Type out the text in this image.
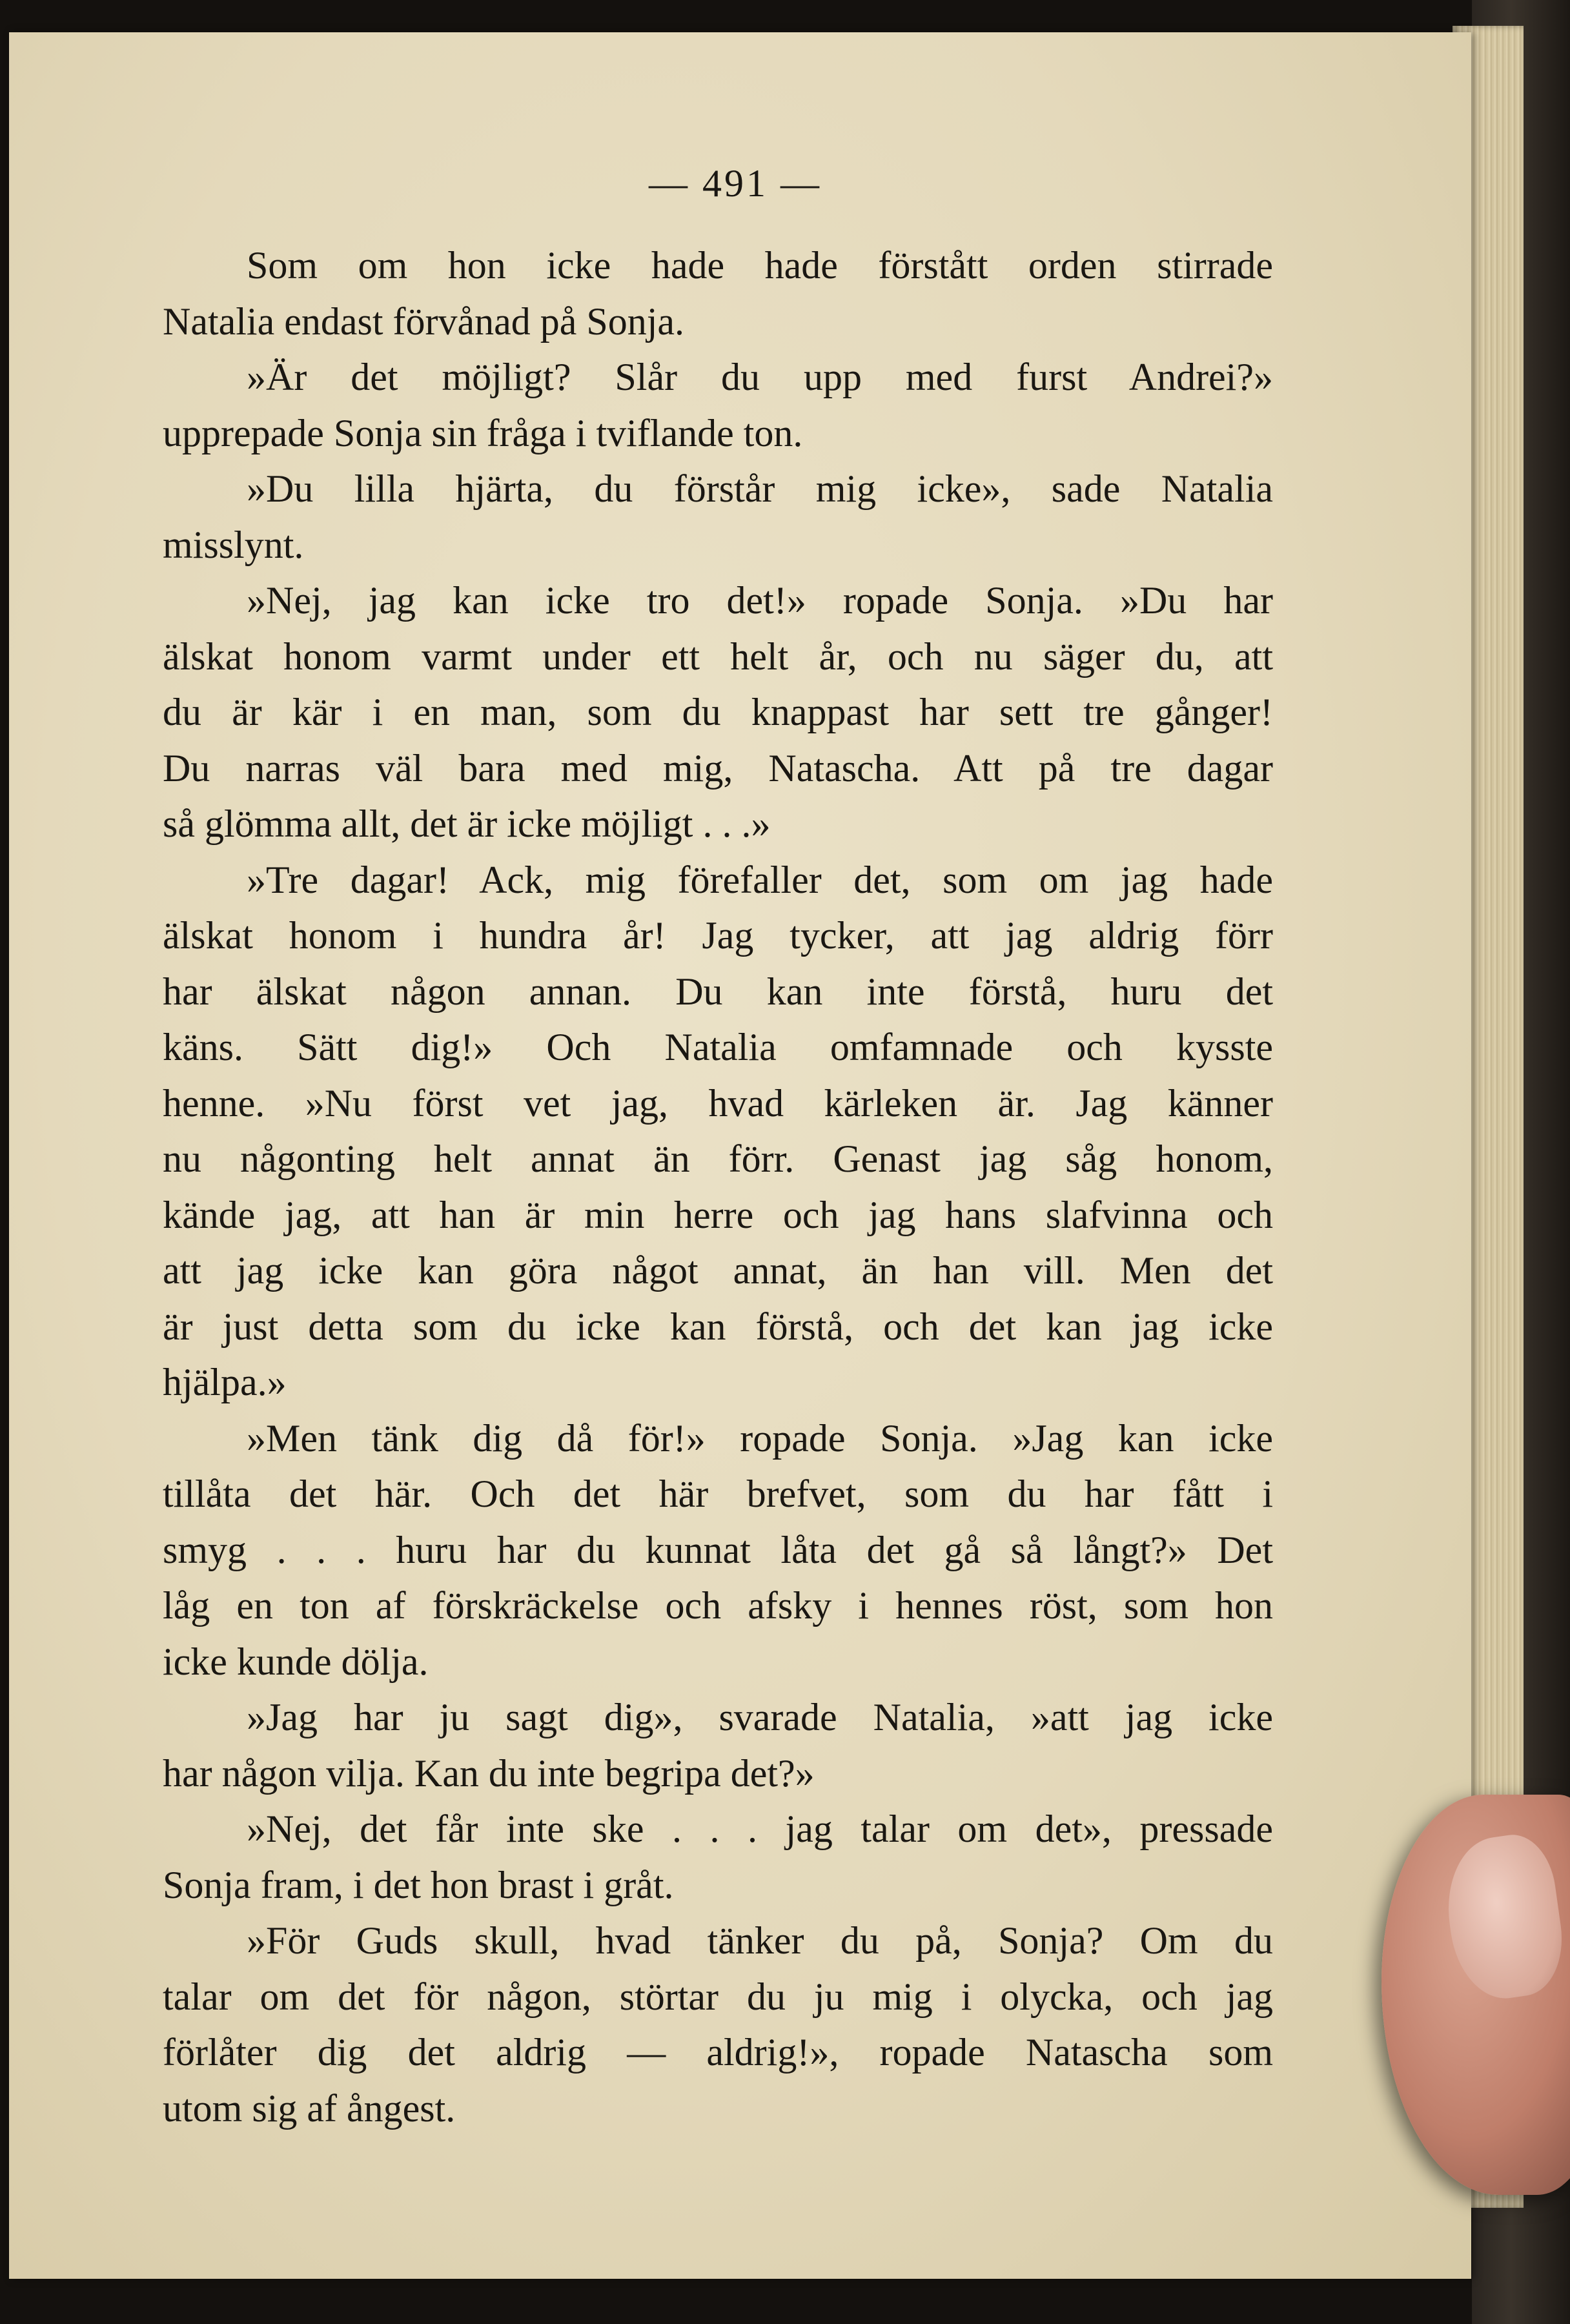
— 491 —
Som om hon icke hade hade förstått orden stirrade
Natalia endast förvånad på Sonja.
»Är det möjligt? Slår du upp med furst Andrei?»
upprepade Sonja sin fråga i tviflande ton.
»Du lilla hjärta, du förstår mig icke», sade Natalia
misslynt.
»Nej, jag kan icke tro det!» ropade Sonja. »Du har
älskat honom varmt under ett helt år, och nu säger du, att
du är kär i en man, som du knappast har sett tre gånger!
Du narras väl bara med mig, Natascha. Att på tre dagar
så glömma allt, det är icke möjligt . . .»
»Tre dagar! Ack, mig förefaller det, som om jag hade
älskat honom i hundra år! Jag tycker, att jag aldrig förr
har älskat någon annan. Du kan inte förstå, huru det
käns. Sätt dig!» Och Natalia omfamnade och kysste
henne. »Nu först vet jag, hvad kärleken är. Jag känner
nu någonting helt annat än förr. Genast jag såg honom,
kände jag, att han är min herre och jag hans slafvinna och
att jag icke kan göra något annat, än han vill. Men det
är just detta som du icke kan förstå, och det kan jag icke
hjälpa.»
»Men tänk dig då för!» ropade Sonja. »Jag kan icke
tillåta det här. Och det här brefvet, som du har fått i
smyg . . . huru har du kunnat låta det gå så långt?» Det
låg en ton af förskräckelse och afsky i hennes röst, som hon
icke kunde dölja.
»Jag har ju sagt dig», svarade Natalia, »att jag icke
har någon vilja. Kan du inte begripa det?»
»Nej, det får inte ske . . . jag talar om det», pressade
Sonja fram, i det hon brast i gråt.
»För Guds skull, hvad tänker du på, Sonja? Om du
talar om det för någon, störtar du ju mig i olycka, och jag
förlåter dig det aldrig — aldrig!», ropade Natascha som
utom sig af ångest.
